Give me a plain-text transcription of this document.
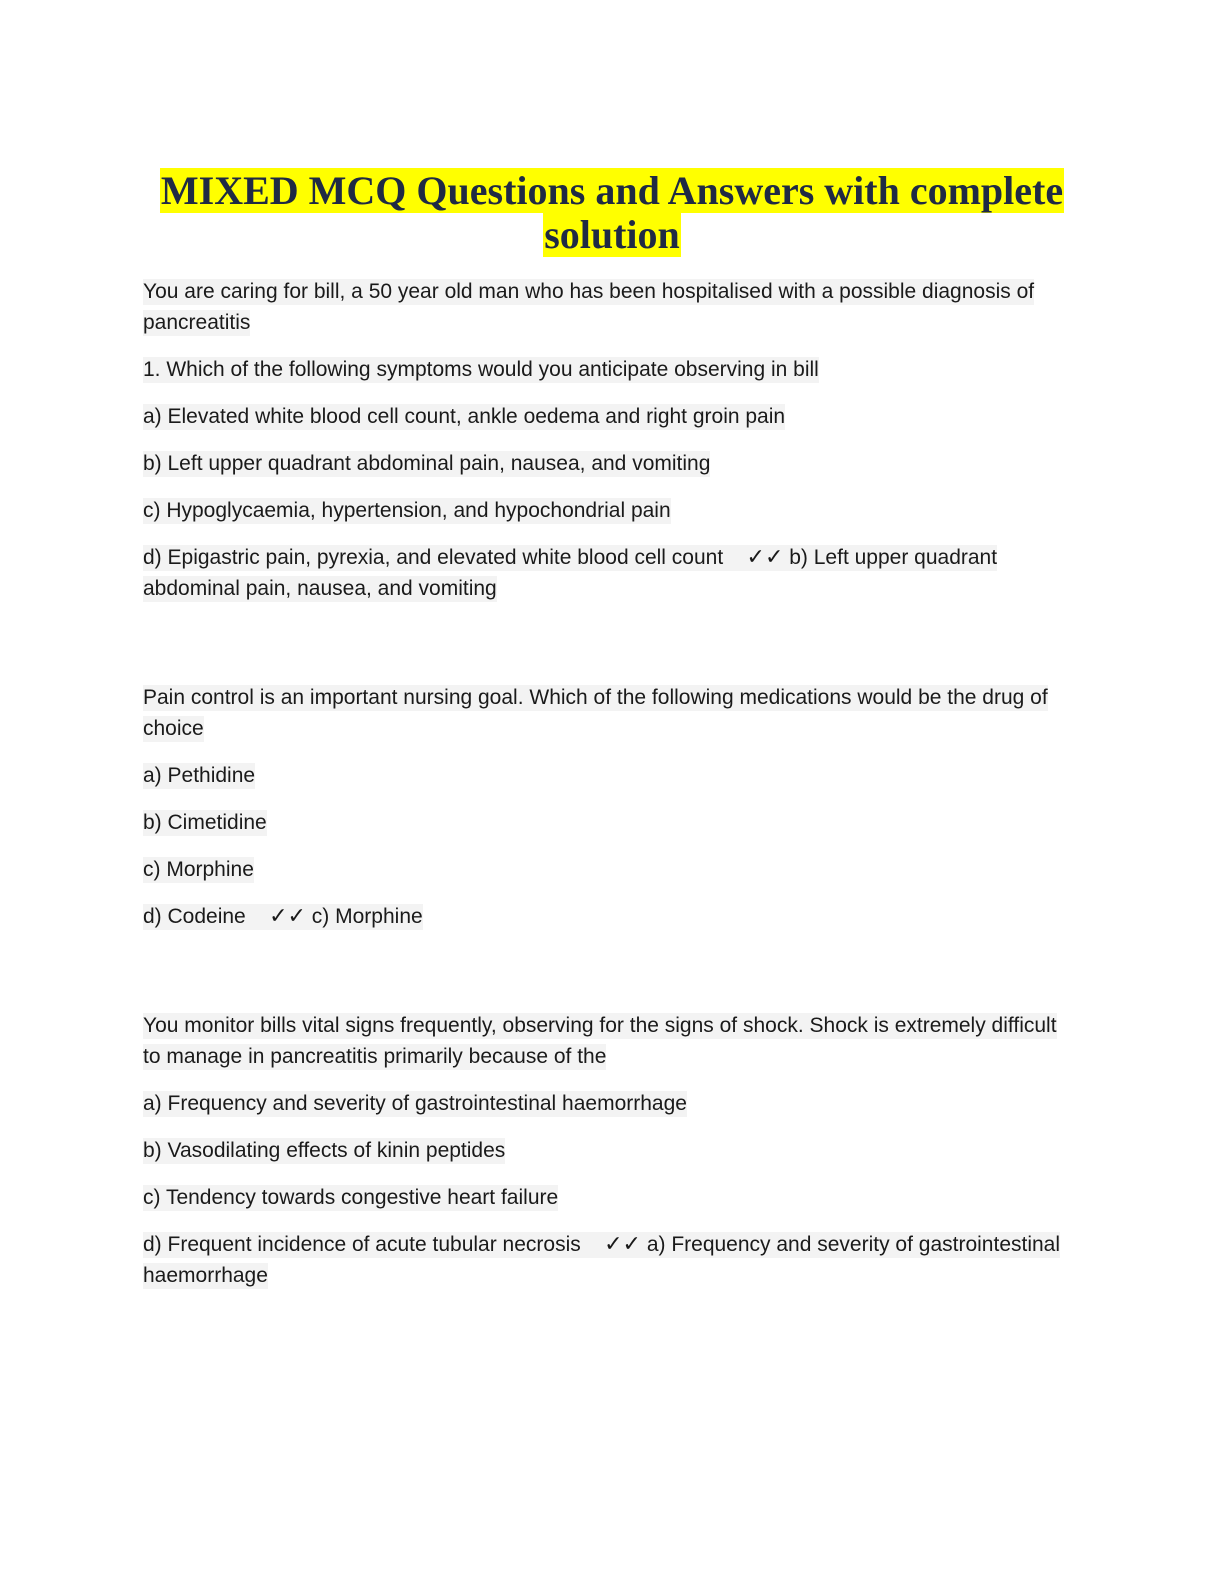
MIXED MCQ Questions and Answers with complete solution

You are caring for bill, a 50 year old man who has been hospitalised with a possible diagnosis of pancreatitis

1. Which of the following symptoms would you anticipate observing in bill

a) Elevated white blood cell count, ankle oedema and right groin pain

b) Left upper quadrant abdominal pain, nausea, and vomiting

c) Hypoglycaemia, hypertension, and hypochondrial pain

d) Epigastric pain, pyrexia, and elevated white blood cell count ✓✓ b) Left upper quadrant abdominal pain, nausea, and vomiting

Pain control is an important nursing goal. Which of the following medications would be the drug of choice

a) Pethidine

b) Cimetidine

c) Morphine

d) Codeine ✓✓ c) Morphine

You monitor bills vital signs frequently, observing for the signs of shock. Shock is extremely difficult to manage in pancreatitis primarily because of the

a) Frequency and severity of gastrointestinal haemorrhage

b) Vasodilating effects of kinin peptides

c) Tendency towards congestive heart failure

d) Frequent incidence of acute tubular necrosis ✓✓ a) Frequency and severity of gastrointestinal haemorrhage
